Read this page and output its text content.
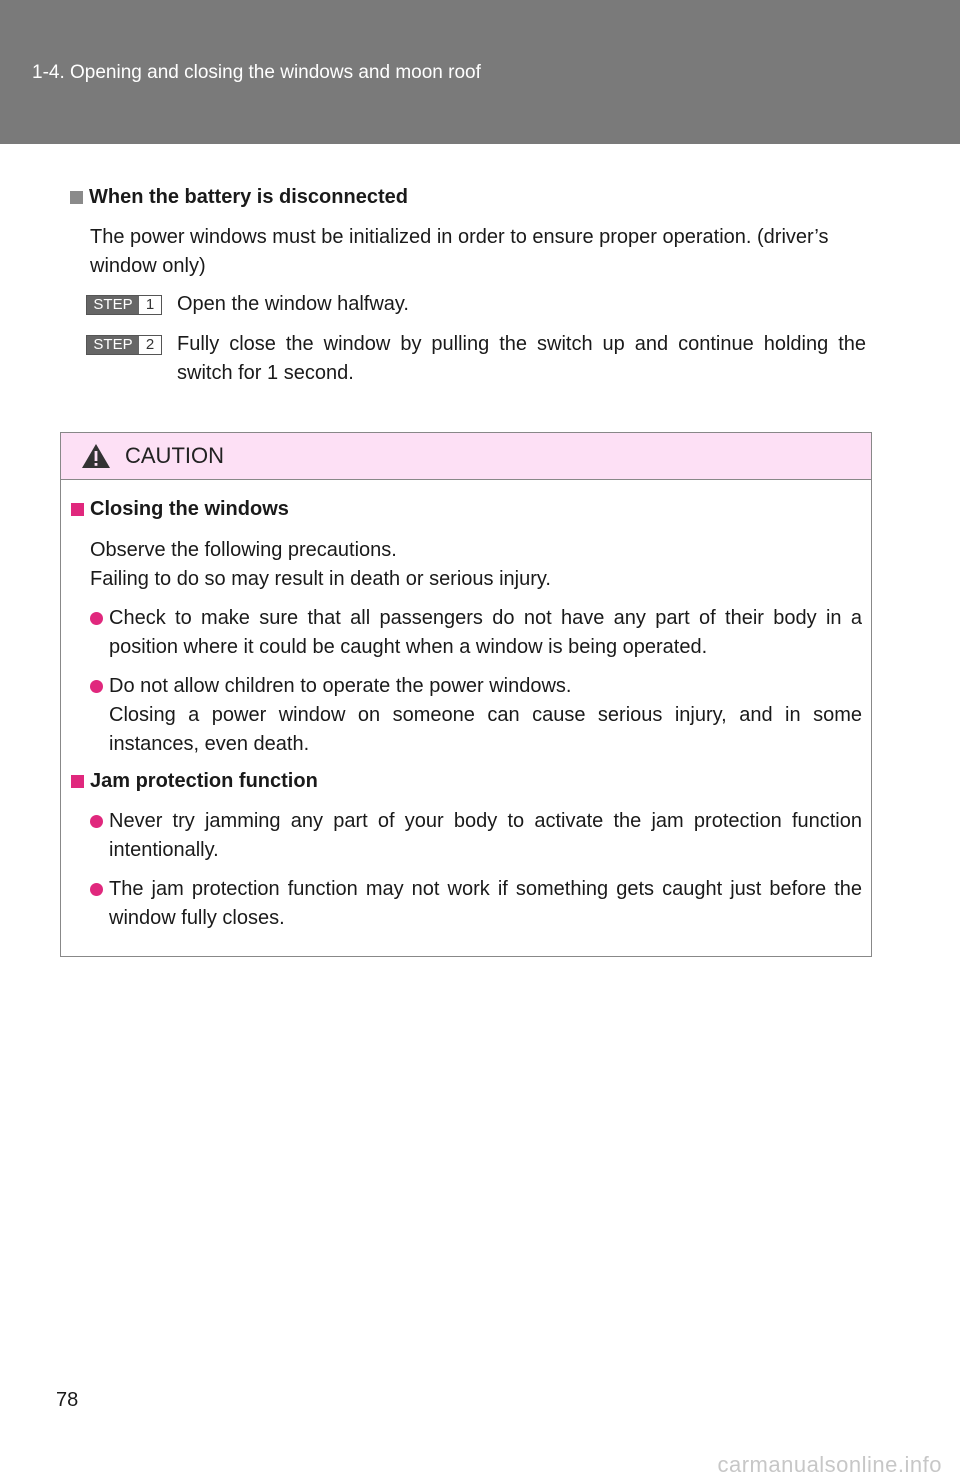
1-4. Opening and closing the windows and moon roof
When the battery is disconnected
The power windows must be initialized in order to ensure proper operation. (driver’s window only)
STEP 1	Open the window halfway.
STEP 2	Fully close the window by pulling the switch up and continue holding the switch for 1 second.
CAUTION
Closing the windows
Observe the following precautions.
Failing to do so may result in death or serious injury.
Check to make sure that all passengers do not have any part of their body in a position where it could be caught when a window is being operated.
Do not allow children to operate the power windows.
Closing a power window on someone can cause serious injury, and in some instances, even death.
Jam protection function
Never try jamming any part of your body to activate the jam protection function intentionally.
The jam protection function may not work if something gets caught just before the window fully closes.
78
carmanualsonline.info
